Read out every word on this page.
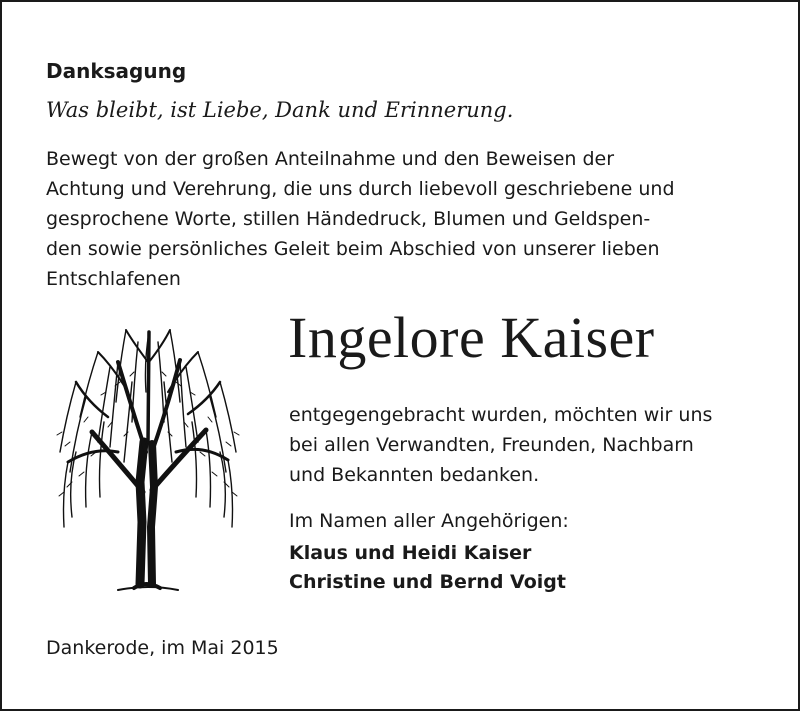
Danksagung
Was bleibt, ist Liebe, Dank und Erinnerung.
Bewegt von der großen Anteilnahme und den Beweisen der
Achtung und Verehrung, die uns durch liebevoll geschriebene und
gesprochene Worte, stillen Händedruck, Blumen und Geldspen-
den sowie persönliches Geleit beim Abschied von unserer lieben
Entschlafenen
Ingelore Kaiser
entgegengebracht wurden, möchten wir uns
bei allen Verwandten, Freunden, Nachbarn
und Bekannten bedanken.
Im Namen aller Angehörigen:
Klaus und Heidi Kaiser
Christine und Bernd Voigt
Dankerode, im Mai 2015
